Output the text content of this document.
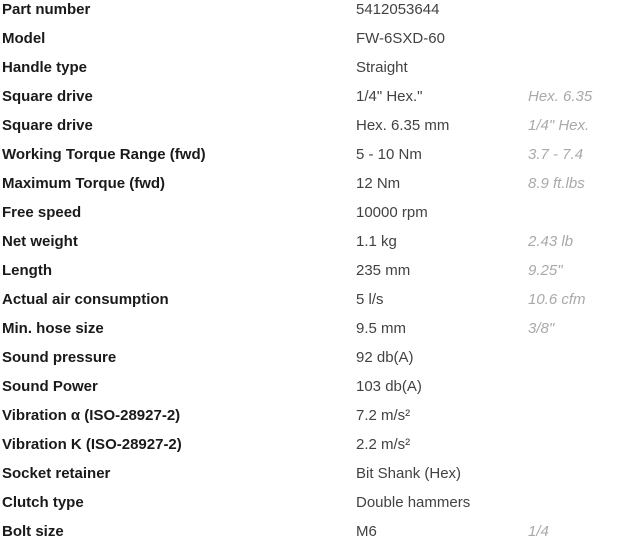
Part number	5412053644
Model	FW-6SXD-60
Handle type	Straight
Square drive	1/4" Hex."	Hex. 6.35
Square drive	Hex. 6.35 mm	1/4" Hex.
Working Torque Range (fwd)	5 - 10 Nm	3.7 - 7.4
Maximum Torque (fwd)	12 Nm	8.9 ft.lbs
Free speed	10000 rpm
Net weight	1.1 kg	2.43 lb
Length	235 mm	9.25"
Actual air consumption	5 l/s	10.6 cfm
Min. hose size	9.5 mm	3/8"
Sound pressure	92 db(A)
Sound Power	103 db(A)
Vibration α (ISO-28927-2)	7.2 m/s²
Vibration K (ISO-28927-2)	2.2 m/s²
Socket retainer	Bit Shank (Hex)
Clutch type	Double hammers
Bolt size	M6	1/4
